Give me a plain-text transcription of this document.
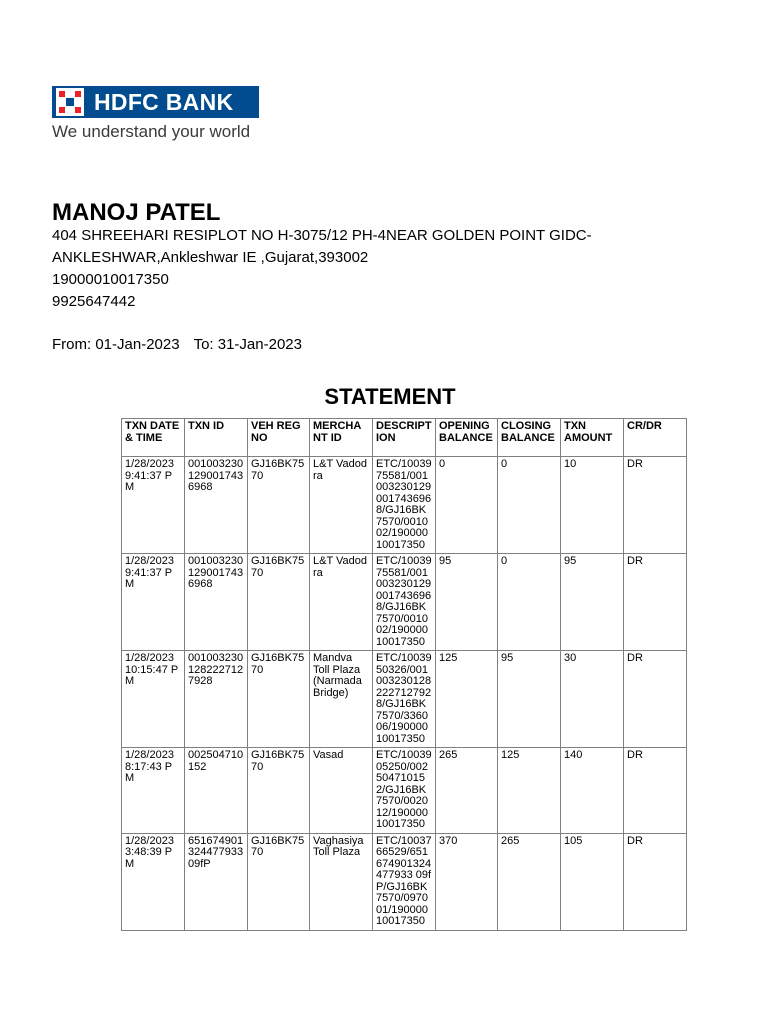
HDFC BANK
We understand your world
MANOJ PATEL
404 SHREEHARI RESIPLOT NO H-3075/12 PH-4NEAR GOLDEN POINT GIDC-
ANKLESHWAR,Ankleshwar IE ,Gujarat,393002
19000010017350
9925647442
From: 01-Jan-2023 To: 31-Jan-2023
STATEMENT
TXN DATE & TIME	TXN ID	VEH REG NO	MERCHANT ID	DESCRIPTION	OPENING BALANCE	CLOSING BALANCE	TXN AMOUNT	CR/DR
1/28/2023 9:41:37 PM	001003230129001743 6968	GJ16BK7570	L&T Vadodra	ETC/1003975581/0010032301290017436968/GJ16BK7570/001002/19000010017350	0	0	10	DR
1/28/2023 9:41:37 PM	001003230129001743 6968	GJ16BK7570	L&T Vadodra	ETC/1003975581/0010032301290017436968/GJ16BK7570/001002/19000010017350	95	0	95	DR
1/28/2023 10:15:47 PM	001003230128222712 7928	GJ16BK7570	Mandva Toll Plaza (Narmada Bridge)	ETC/1003950326/0010032301282227127928/GJ16BK7570/336006/19000010017350	125	95	30	DR
1/28/2023 8:17:43 PM	002504710152	GJ16BK7570	Vasad	ETC/1003905250/002504710152/GJ16BK7570/002012/19000010017350	265	125	140	DR
1/28/2023 3:48:39 PM	651674901324477933 09fP	GJ16BK7570	Vaghasiya Toll Plaza	ETC/1003766529/651674901324477933 09fP/GJ16BK7570/097001/19000010017350	370	265	105	DR
